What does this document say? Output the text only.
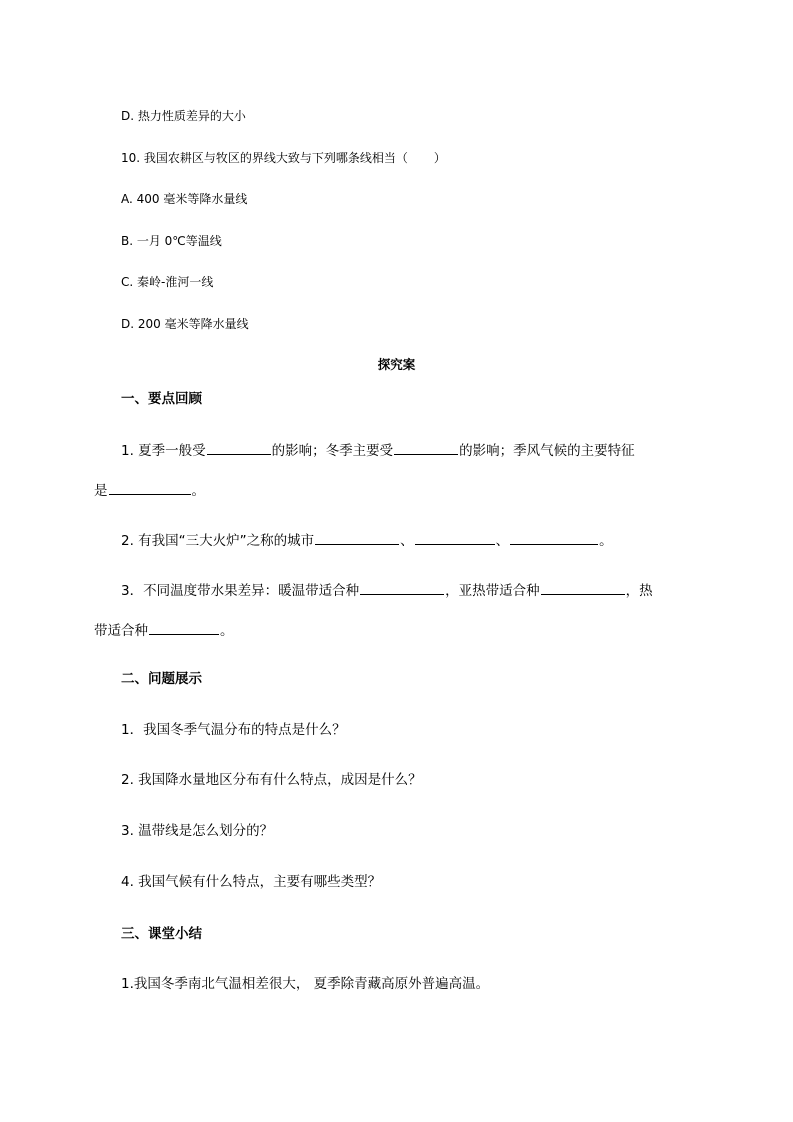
D. 热力性质差异的大小
10. 我国农耕区与牧区的界线大致与下列哪条线相当（ ）
A. 400 毫米等降水量线
B. 一月 0℃等温线
C. 秦岭-淮河一线
D. 200 毫米等降水量线
探究案
一、要点回顾
1. 夏季一般受	的影响；冬季主要受	的影响；季风气候的主要特征
是	。
2. 有我国“三大火炉”之称的城市	、	、	。
3．不同温度带水果差异：暖温带适合种	，亚热带适合种	，热
带适合种	。
二、问题展示
1．我国冬季气温分布的特点是什么？
2. 我国降水量地区分布有什么特点，成因是什么？
3. 温带线是怎么划分的？
4. 我国气候有什么特点，主要有哪些类型？
三、课堂小结
1.我国冬季南北气温相差很大， 夏季除青藏高原外普遍高温。
